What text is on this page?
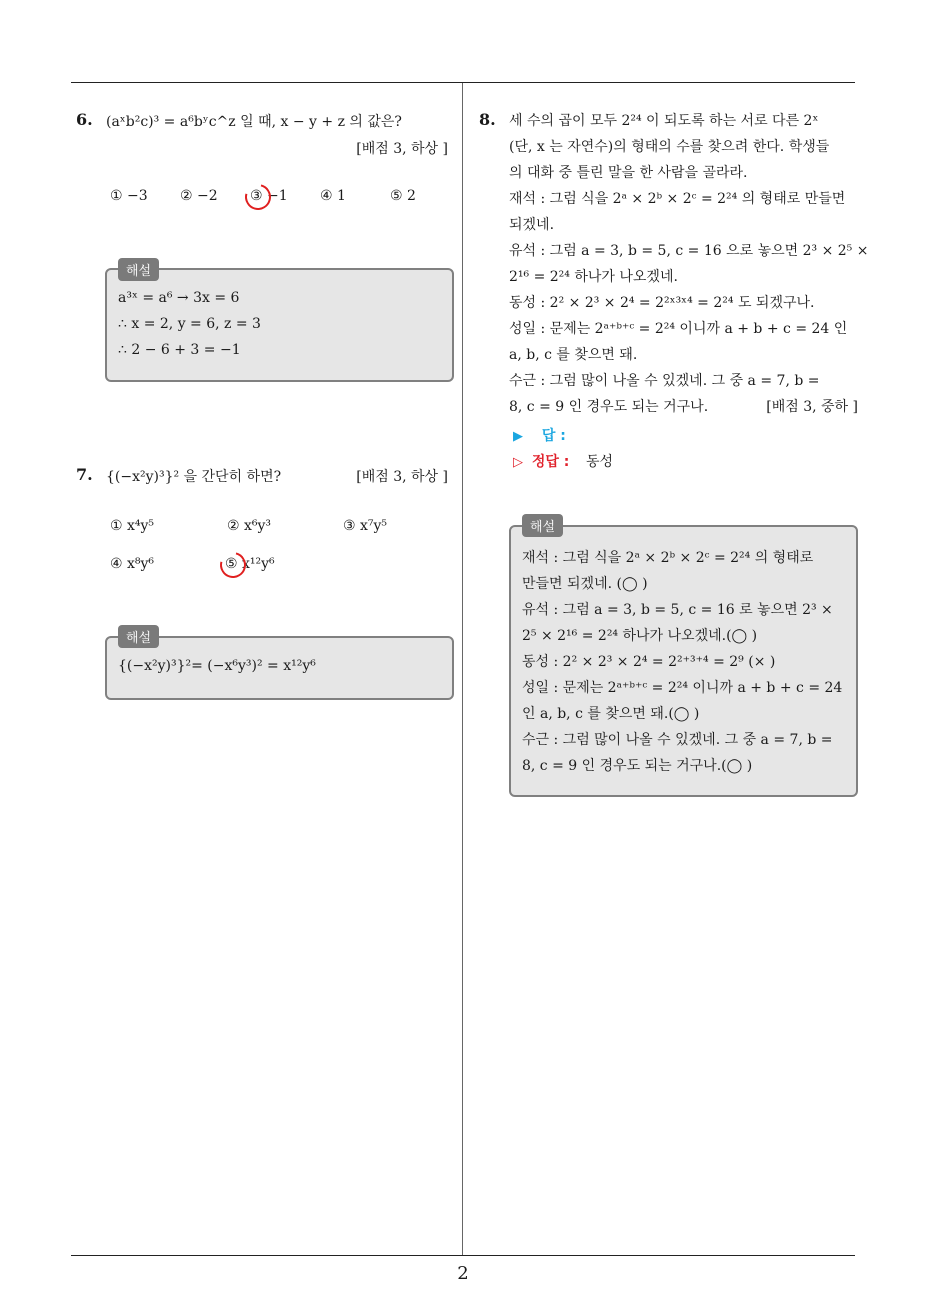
6. (aˣb²c)³ = a⁶bʸc^z 일 때, x − y + z 의 값은?
[배점 3, 하상 ]
① −3 ② −2 ③ −1 ④ 1	⑤ 2
해설
a³ˣ = a⁶ → 3x = 6
∴ x = 2, y = 6, z = 3
∴ 2 − 6 + 3 = −1
7. {(−x²y)³}² 을 간단히 하면?	[배점 3, 하상 ]
① x⁴y⁵	② x⁶y³	③ x⁷y⁵
④ x⁸y⁶	⑤ x¹²y⁶
해설
{(−x²y)³}²= (−x⁶y³)² = x¹²y⁶
8. 세 수의 곱이 모두 2²⁴ 이 되도록 하는 서로 다른 2ˣ
(단, x 는 자연수)의 형태의 수를 찾으려 한다. 학생들
의 대화 중 틀린 말을 한 사람을 골라라.
재석 : 그럼 식을 2ᵃ × 2ᵇ × 2ᶜ = 2²⁴ 의 형태로 만들면
되겠네.
유석 : 그럼 a = 3, b = 5, c = 16 으로 놓으면 2³ × 2⁵ ×
2¹⁶ = 2²⁴ 하나가 나오겠네.
동성 : 2² × 2³ × 2⁴ = 2²ˣ³ˣ⁴ = 2²⁴ 도 되겠구나.
성일 : 문제는 2ᵃ⁺ᵇ⁺ᶜ = 2²⁴ 이니까 a + b + c = 24 인
a, b, c 를 찾으면 돼.
수근 : 그럼 많이 나올 수 있겠네. 그 중 a = 7, b =
8, c = 9 인 경우도 되는 거구나.	[배점 3, 중하 ]
▶ 답 :
▷ 정답 : 동성
해설
재석 : 그럼 식을 2ᵃ × 2ᵇ × 2ᶜ = 2²⁴ 의 형태로
만들면 되겠네. (◯ )
유석 : 그럼 a = 3, b = 5, c = 16 로 놓으면 2³ ×
2⁵ × 2¹⁶ = 2²⁴ 하나가 나오겠네.(◯ )
동성 : 2² × 2³ × 2⁴ = 2²⁺³⁺⁴ = 2⁹ (× )
성일 : 문제는 2ᵃ⁺ᵇ⁺ᶜ = 2²⁴ 이니까 a + b + c = 24
인 a, b, c 를 찾으면 돼.(◯ )
수근 : 그럼 많이 나올 수 있겠네. 그 중 a = 7, b =
8, c = 9 인 경우도 되는 거구나.(◯ )
2
